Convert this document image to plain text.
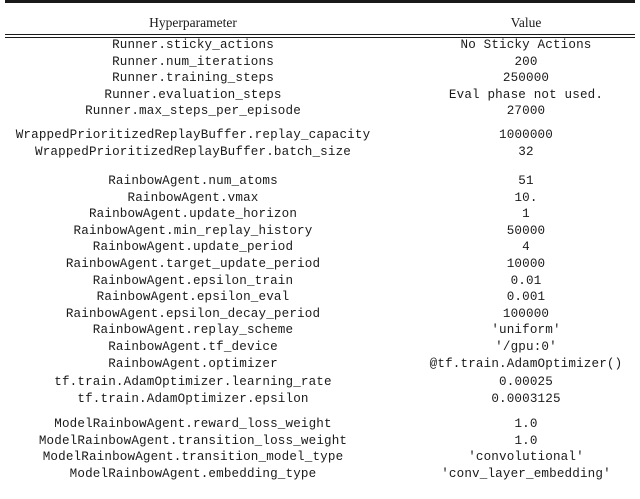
Hyperparameter	Value
Runner.sticky_actions	No Sticky Actions
Runner.num_iterations	200
Runner.training_steps	250000
Runner.evaluation_steps	Eval phase not used.
Runner.max_steps_per_episode	27000
WrappedPrioritizedReplayBuffer.replay_capacity	1000000
WrappedPrioritizedReplayBuffer.batch_size	32
RainbowAgent.num_atoms	51
RainbowAgent.vmax	10.
RainbowAgent.update_horizon	1
RainbowAgent.min_replay_history	50000
RainbowAgent.update_period	4
RainbowAgent.target_update_period	10000
RainbowAgent.epsilon_train	0.01
RainbowAgent.epsilon_eval	0.001
RainbowAgent.epsilon_decay_period	100000
RainbowAgent.replay_scheme	'uniform'
RainbowAgent.tf_device	'/gpu:0'
RainbowAgent.optimizer	@tf.train.AdamOptimizer()
tf.train.AdamOptimizer.learning_rate	0.00025
tf.train.AdamOptimizer.epsilon	0.0003125
ModelRainbowAgent.reward_loss_weight	1.0
ModelRainbowAgent.transition_loss_weight	1.0
ModelRainbowAgent.transition_model_type	'convolutional'
ModelRainbowAgent.embedding_type	'conv_layer_embedding'
